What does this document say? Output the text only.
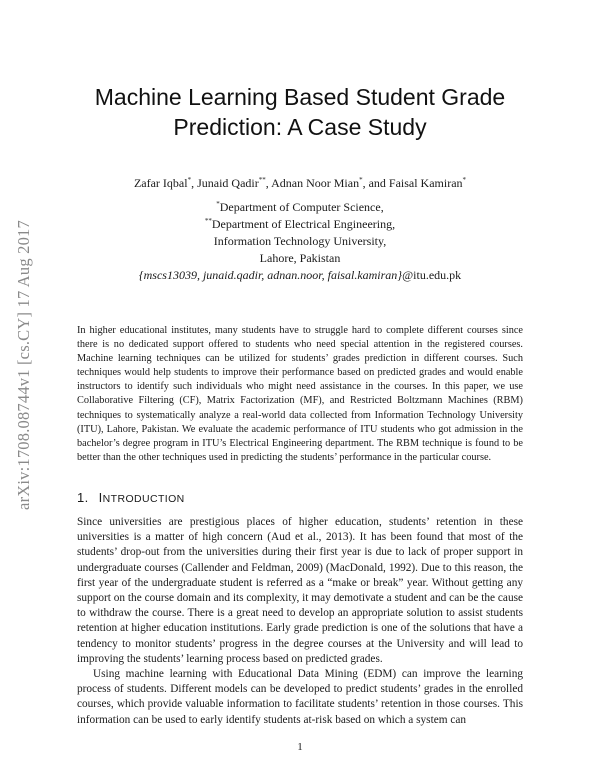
arXiv:1708.08744v1 [cs.CY] 17 Aug 2017
Machine Learning Based Student Grade
Prediction: A Case Study
Zafar Iqbal*, Junaid Qadir**, Adnan Noor Mian*, and Faisal Kamiran*
*Department of Computer Science,
**Department of Electrical Engineering,
Information Technology University,
Lahore, Pakistan
{mscs13039, junaid.qadir, adnan.noor, faisal.kamiran}@itu.edu.pk
In higher educational institutes, many students have to struggle hard to complete different courses since there is no dedicated support offered to students who need special attention in the registered courses. Machine learning techniques can be utilized for students’ grades prediction in different courses. Such techniques would help students to improve their performance based on predicted grades and would enable instructors to identify such individuals who might need assistance in the courses. In this paper, we use Collaborative Filtering (CF), Matrix Factorization (MF), and Restricted Boltzmann Machines (RBM) techniques to systematically analyze a real-world data collected from Information Technology University (ITU), Lahore, Pakistan. We evaluate the academic performance of ITU students who got admission in the bachelor’s degree program in ITU’s Electrical Engineering department. The RBM technique is found to be better than the other techniques used in predicting the students’ performance in the particular course.
1. INTRODUCTION

Since universities are prestigious places of higher education, students’ retention in these universities is a matter of high concern (Aud et al., 2013). It has been found that most of the students’ drop-out from the universities during their first year is due to lack of proper support in undergraduate courses (Callender and Feldman, 2009) (MacDonald, 1992). Due to this reason, the first year of the undergraduate student is referred as a “make or break” year. Without getting any support on the course domain and its complexity, it may demotivate a student and can be the cause to withdraw the course. There is a great need to develop an appropriate solution to assist students retention at higher education institutions. Early grade prediction is one of the solutions that have a tendency to monitor students’ progress in the degree courses at the University and will lead to improving the students’ learning process based on predicted grades.

Using machine learning with Educational Data Mining (EDM) can improve the learning process of students. Different models can be developed to predict students’ grades in the enrolled courses, which provide valuable information to facilitate students’ retention in those courses. This information can be used to early identify students at-risk based on which a system can

1
